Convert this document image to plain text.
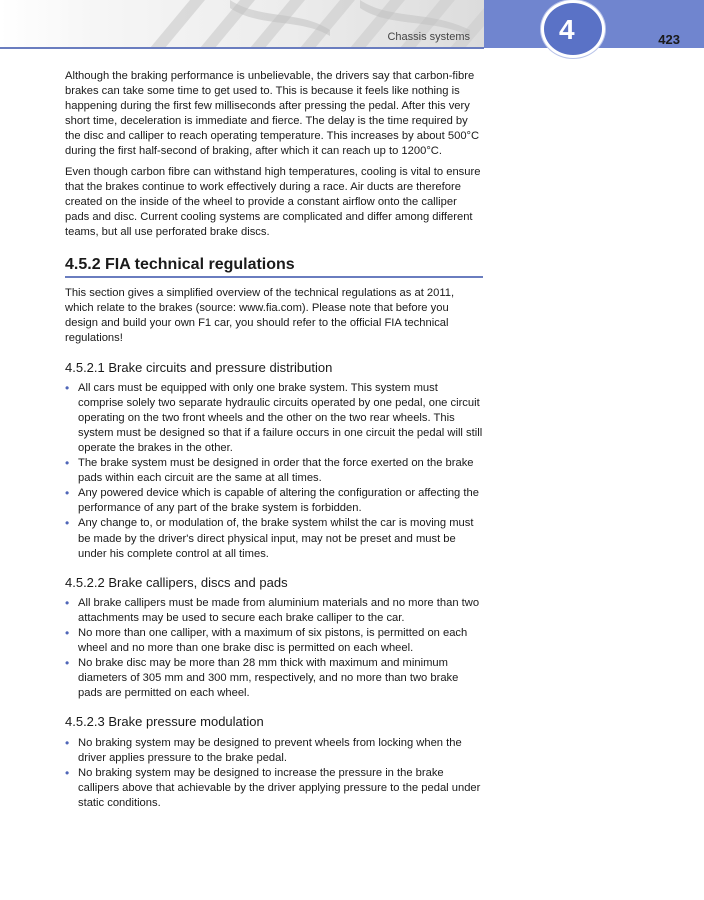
Chassis systems	4	423

Although the braking performance is unbelievable, the drivers say that carbon-fibre brakes can take some time to get used to. This is because it feels like nothing is happening during the first few milliseconds after pressing the pedal. After this very short time, deceleration is immediate and fierce. The delay is the time required by the disc and calliper to reach operating temperature. This increases by about 500°C during the first half-second of braking, after which it can reach up to 1200°C.

Even though carbon fibre can withstand high temperatures, cooling is vital to ensure that the brakes continue to work effectively during a race. Air ducts are therefore created on the inside of the wheel to provide a constant airflow onto the calliper pads and disc. Current cooling systems are complicated and differ among different teams, but all use perforated brake discs.

4.5.2 FIA technical regulations

This section gives a simplified overview of the technical regulations as at 2011, which relate to the brakes (source: www.fia.com). Please note that before you design and build your own F1 car, you should refer to the official FIA technical regulations!

4.5.2.1 Brake circuits and pressure distribution
• All cars must be equipped with only one brake system. This system must comprise solely two separate hydraulic circuits operated by one pedal, one circuit operating on the two front wheels and the other on the two rear wheels. This system must be designed so that if a failure occurs in one circuit the pedal will still operate the brakes in the other.
• The brake system must be designed in order that the force exerted on the brake pads within each circuit are the same at all times.
• Any powered device which is capable of altering the configuration or affecting the performance of any part of the brake system is forbidden.
• Any change to, or modulation of, the brake system whilst the car is moving must be made by the driver's direct physical input, may not be preset and must be under his complete control at all times.
4.5.2.2 Brake callipers, discs and pads
• All brake callipers must be made from aluminium materials and no more than two attachments may be used to secure each brake calliper to the car.
• No more than one calliper, with a maximum of six pistons, is permitted on each wheel and no more than one brake disc is permitted on each wheel.
• No brake disc may be more than 28 mm thick with maximum and minimum diameters of 305 mm and 300 mm, respectively, and no more than two brake pads are permitted on each wheel.
4.5.2.3 Brake pressure modulation
• No braking system may be designed to prevent wheels from locking when the driver applies pressure to the brake pedal.
• No braking system may be designed to increase the pressure in the brake callipers above that achievable by the driver applying pressure to the pedal under static conditions.
